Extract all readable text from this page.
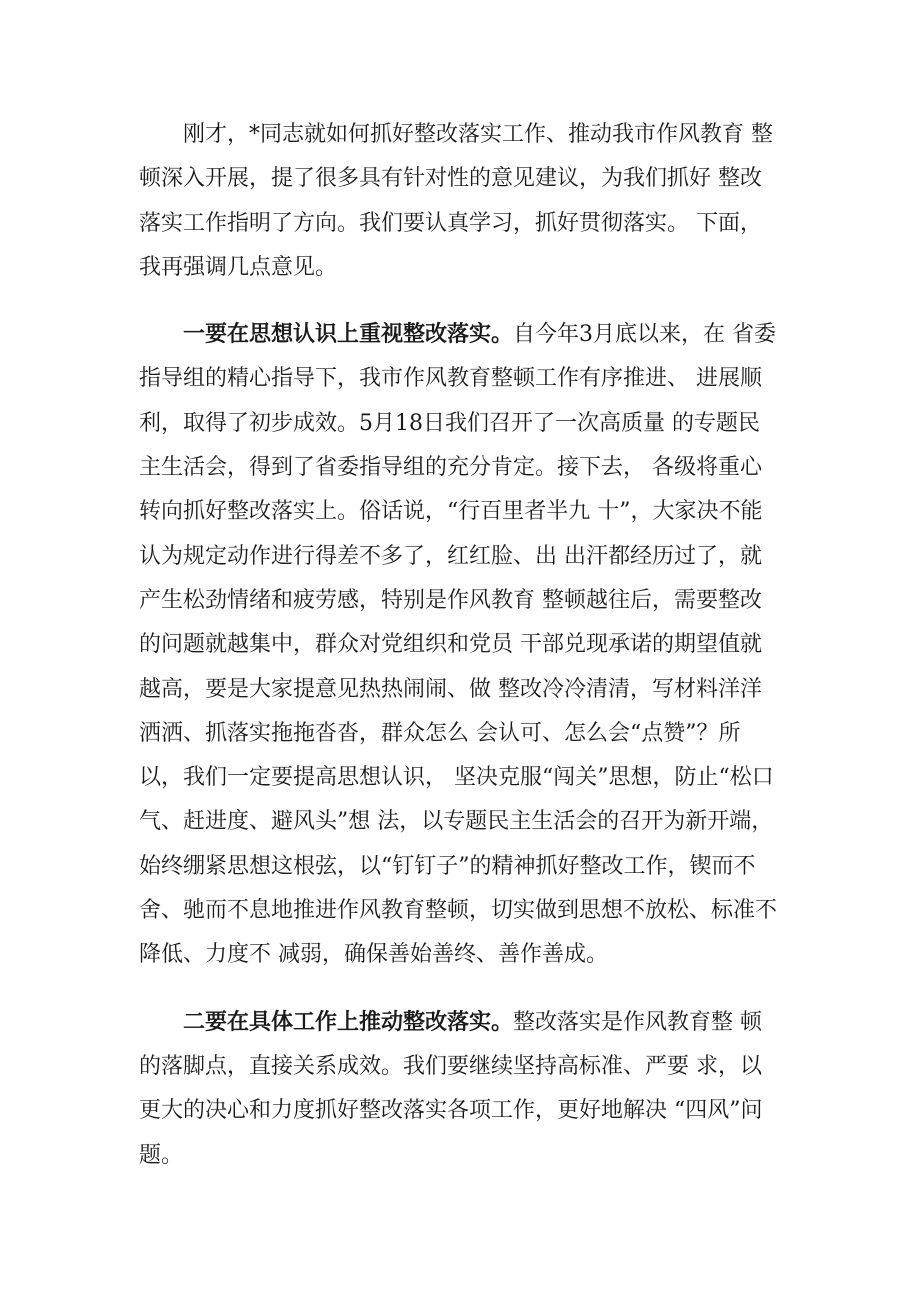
刚才，*同志就如何抓好整改落实工作、推动我市作风教育 整顿深入开展，提了很多具有针对性的意见建议，为我们抓好 整改落实工作指明了方向。我们要认真学习，抓好贯彻落实。 下面，我再强调几点意见。

一要在思想认识上重视整改落实。自今年3月底以来，在 省委指导组的精心指导下，我市作风教育整顿工作有序推进、 进展顺利，取得了初步成效。5月18日我们召开了一次高质量 的专题民主生活会，得到了省委指导组的充分肯定。接下去， 各级将重心转向抓好整改落实上。俗话说，“行百里者半九 十”，大家决不能认为规定动作进行得差不多了，红红脸、出 出汗都经历过了，就产生松劲情绪和疲劳感，特别是作风教育 整顿越往后，需要整改的问题就越集中，群众对党组织和党员 干部兑现承诺的期望值就越高，要是大家提意见热热闹闹、做 整改冷冷清清，写材料洋洋洒洒、抓落实拖拖沓沓，群众怎么 会认可、怎么会“点赞”？所以，我们一定要提高思想认识， 坚决克服“闯关”思想，防止“松口气、赶进度、避风头”想 法，以专题民主生活会的召开为新开端，始终绷紧思想这根弦，以“钉钉子”的精神抓好整改工作，锲而不舍、驰而不息地推进作风教育整顿，切实做到思想不放松、标准不降低、力度不 减弱，确保善始善终、善作善成。

二要在具体工作上推动整改落实。整改落实是作风教育整 顿的落脚点，直接关系成效。我们要继续坚持高标准、严要 求，以更大的决心和力度抓好整改落实各项工作，更好地解决 “四风”问题。
